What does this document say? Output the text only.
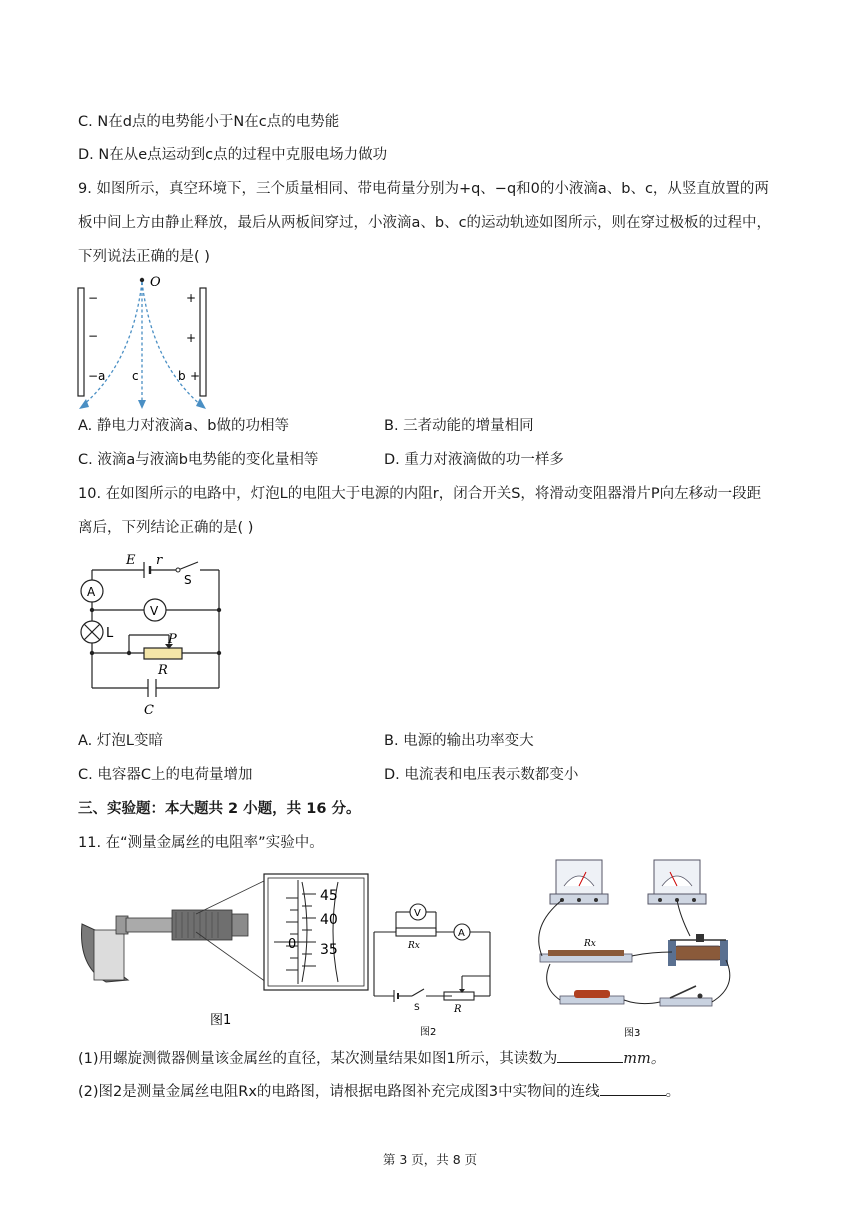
C. N在d点的电势能小于N在c点的电势能
D. N在从e点运动到c点的过程中克服电场力做功
9. 如图所示，真空环境下，三个质量相同、带电荷量分别为+q、−q和0的小液滴a、b、c，从竖直放置的两
板中间上方由静止释放，最后从两板间穿过，小液滴a、b、c的运动轨迹如图所示，则在穿过极板的过程中，
下列说法正确的是( )
O
−
−
−
+
+
+
a c	b
A. 静电力对液滴a、b做的功相等	B. 三者动能的增量相同
C. 液滴a与液滴b电势能的变化量相等	D. 重力对液滴做的功一样多
10. 在如图所示的电路中，灯泡L的电阻大于电源的内阻r，闭合开关S，将滑动变阻器滑片P向左移动一段距
离后，下列结论正确的是( )
E r
S
A
V
L	P
R
C
A. 灯泡L变暗	B. 电源的输出功率变大
C. 电容器C上的电荷量增加	D. 电流表和电压表示数都变小
三、实验题：本大题共 2 小题，共 16 分。
11. 在“测量金属丝的电阻率”实验中。
45
40
35
0
图1
V
A
Rx
S	R
图2
Rx
图3
(1)用螺旋测微器侧量该金属丝的直径，某次测量结果如图1所示，其读数为	mm。
(2)图2是测量金属丝电阻Rx的电路图，请根据电路图补充完成图3中实物间的连线	。
第 3 页，共 8 页
